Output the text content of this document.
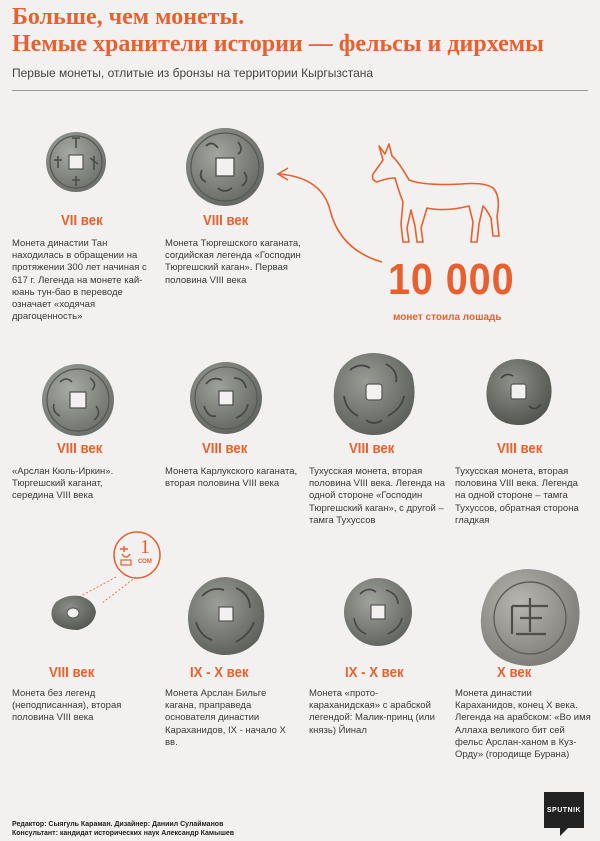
Больше, чем монеты.
Немые хранители истории — фельсы и дирхемы
Первые монеты, отлитые из бронзы на территории Кыргызстана
10 000
монет стоила лошадь
1
СОМ
VII век
Монета династии Тан находилась в обращении на протяжении 300 лет начиная с 617 г. Легенда на монете кай-юань тун-бао в переводе означает «ходячая драгоценность»
VIII век
Монета Тюргешского каганата, согдийская легенда «Господин Тюргешский каган». Первая половина VIII века
VIII век
«Арслан Кюль-Иркин». Тюргешский каганат, середина VIII века
VIII век
Монета Карлукского каганата, вторая половина VIII века
VIII век
Тухусская монета, вторая половина VIII века. Легенда на одной стороне «Господин Тюргешский каган», с другой – тамга Тухуссов
VIII век
Тухусская монета, вторая половина VIII века. Легенда на одной стороне – тамга Тухуссов, обратная сторона гладкая
VIII век
Монета без легенд (неподписанная), вторая половина VIII века
IX - X век
Монета Арслан Бильге кагана, праправеда основателя династии Караханидов, IX - начало X вв.
IX - X век
Монета «прото-караханидская» с арабской легендой: Малик-принц (или князь) Йинал
X век
Монета династии Караханидов, конец X века. Легенда на арабском: «Во имя Аллаха великого бит сей фельс Арслан-ханом в Куз-Орду» (городище Бурана)
Редактор: Сыягуль Караман. Дизайнер: Даниил Сулайманов
Консультант: кандидат исторических наук Александр Камышев
SPUTNIK
